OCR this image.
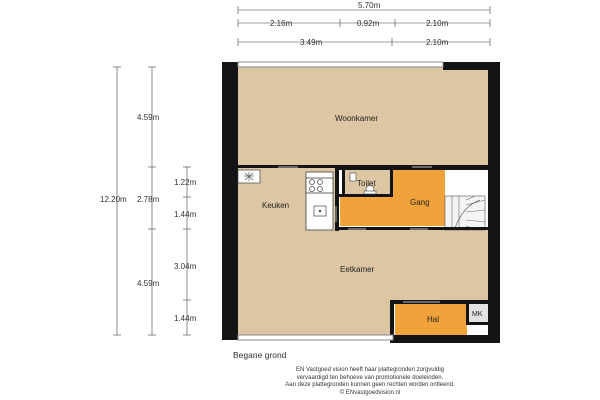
5.70m
2.16m	0.92m	2.10m
3.49m	2.10m
12.20m
4.59m
2.78m
4.59m
1.22m
1.44m
3.04m
1.44m
Woonkamer
Keuken
Toilet
Gang
Eetkamer
Hal
MK
Begane grond
EN Vastgoed vision heeft haar plattegronden zorgvuldig
vervaardigd ten behoeve van promotionele doeleinden.
Aan deze plattegronden kunnen geen rechten worden ontleend.
© ENvastgoedvision.nl
